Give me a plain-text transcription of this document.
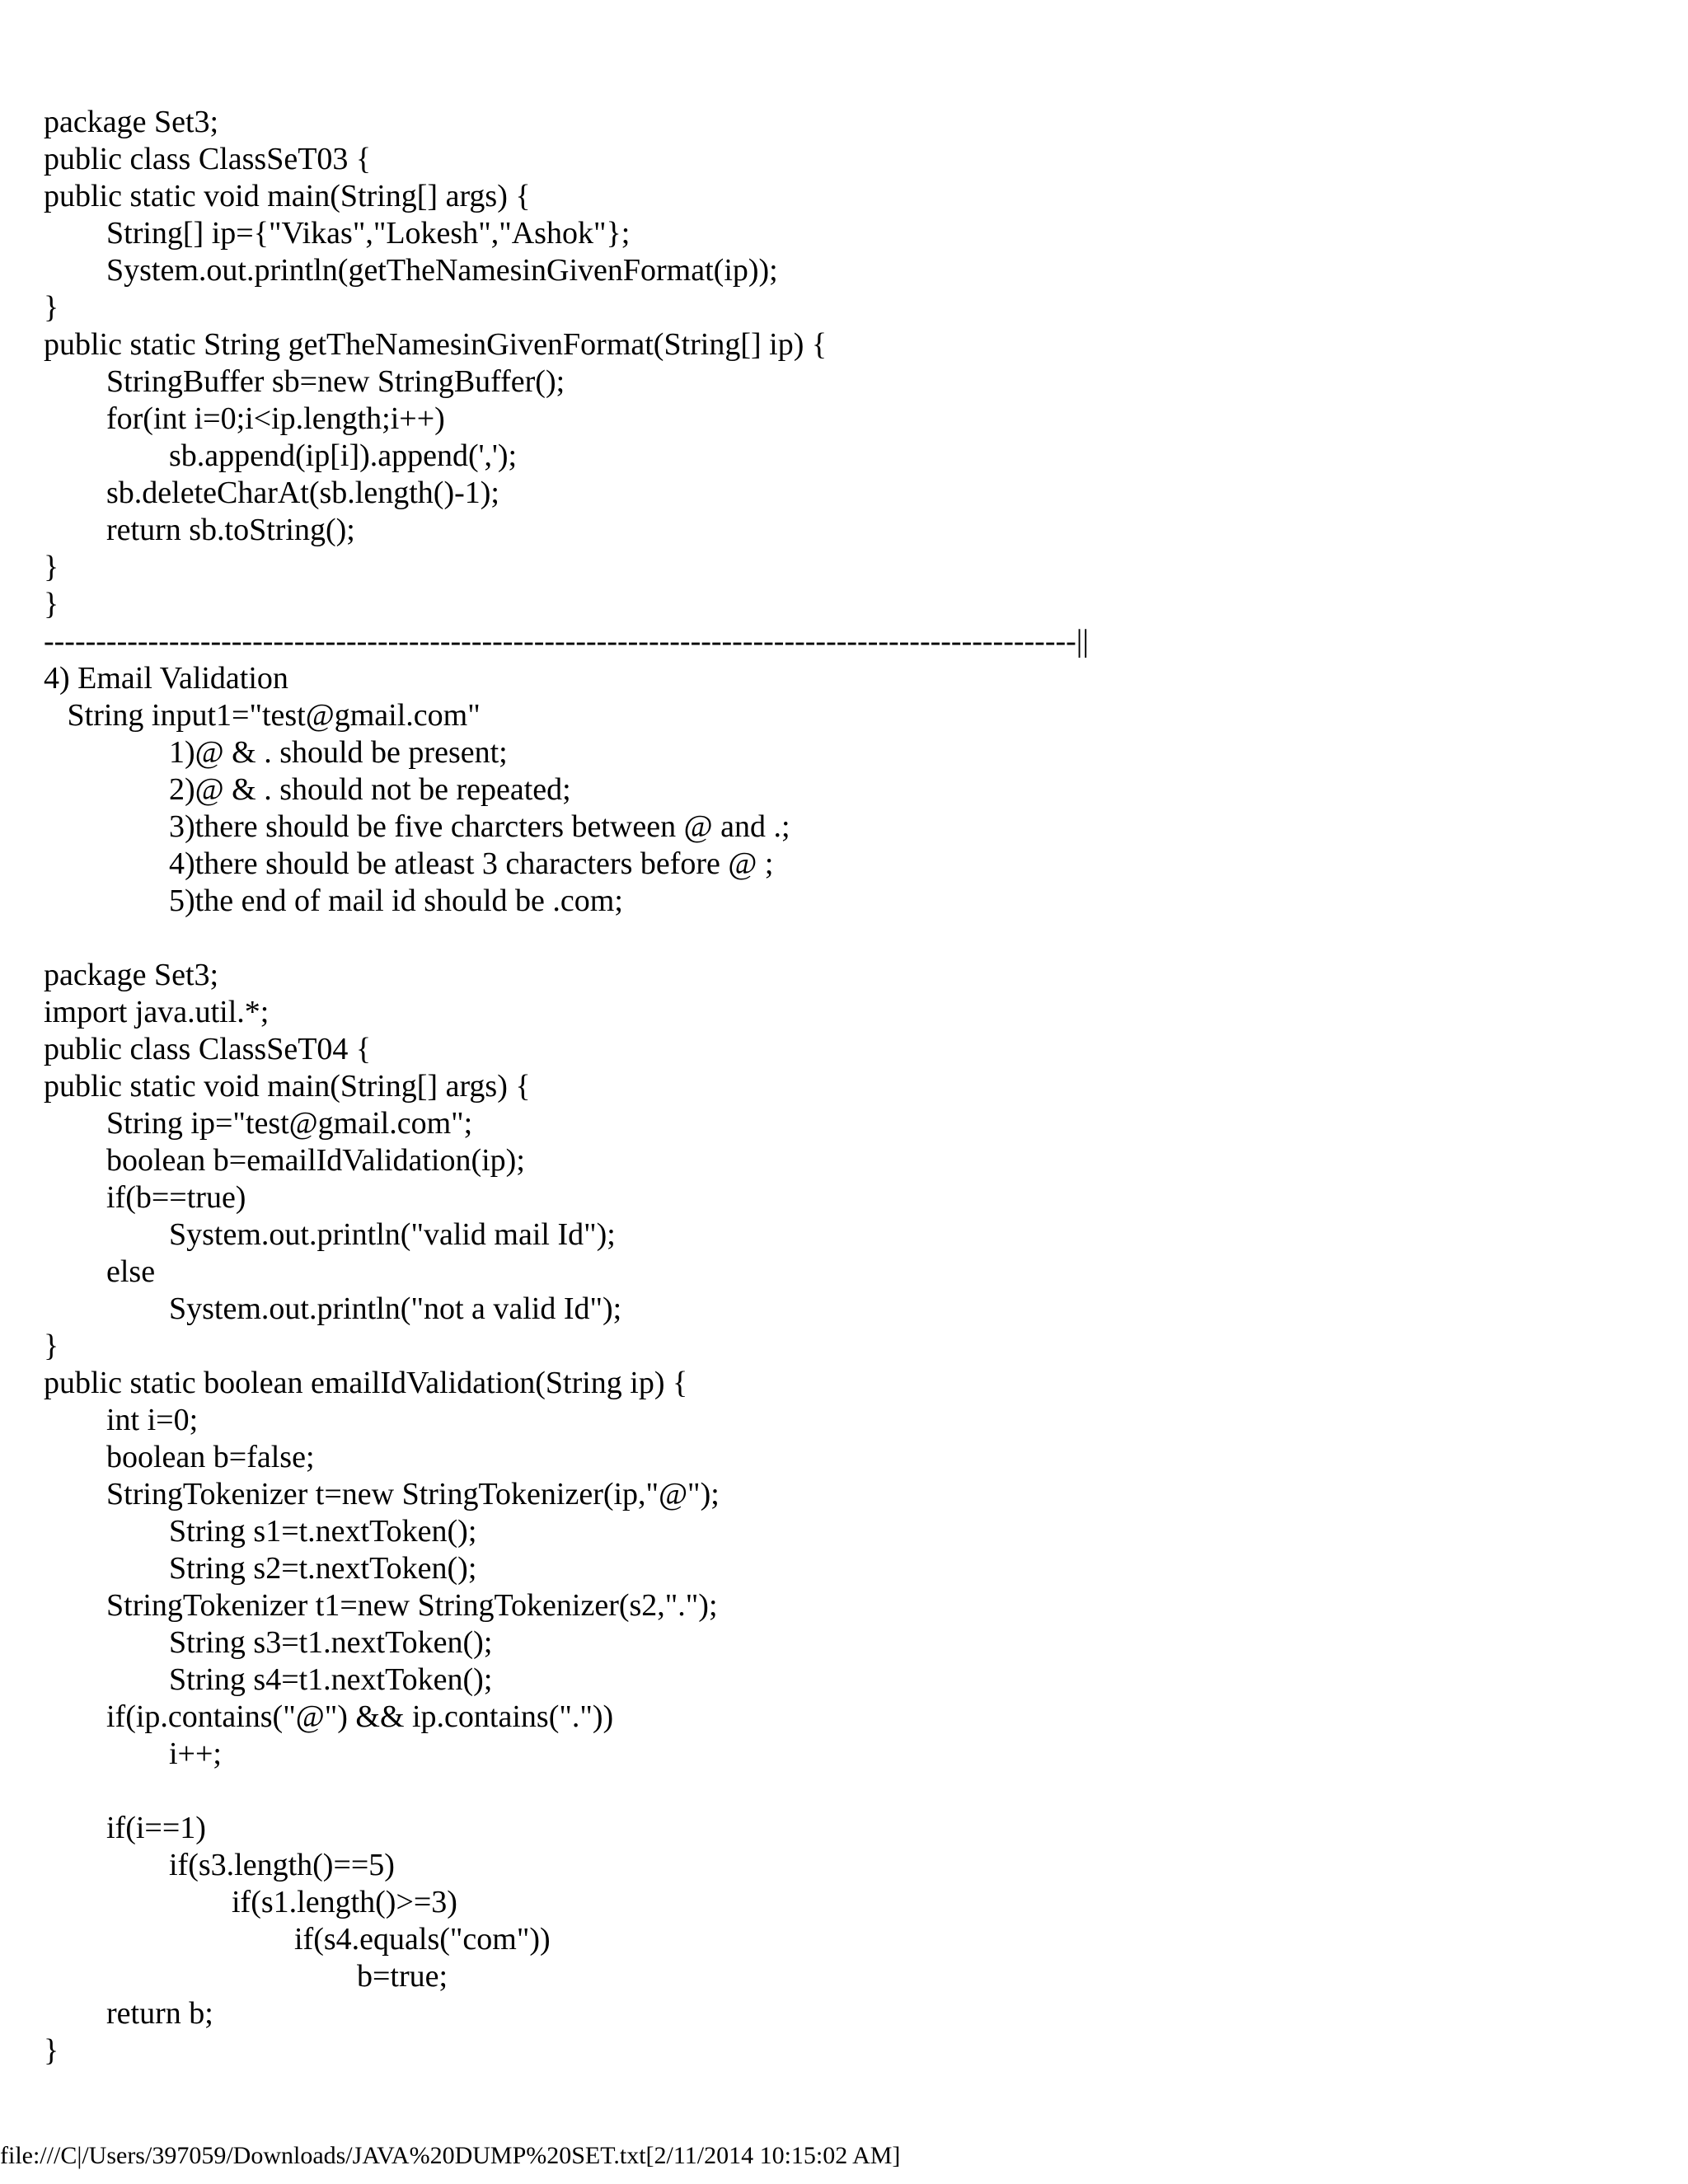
package Set3;
public class ClassSeT03 {
public static void main(String[] args) {
String[] ip={"Vikas","Lokesh","Ashok"};
System.out.println(getTheNamesinGivenFormat(ip));
}
public static String getTheNamesinGivenFormat(String[] ip) {
StringBuffer sb=new StringBuffer();
for(int i=0;i<ip.length;i++)
sb.append(ip[i]).append(',');
sb.deleteCharAt(sb.length()-1);
return sb.toString();
}
}
---------------------------------------------------------------------------------------------------||
4) Email Validation
String input1="test@gmail.com"
1)@ & . should be present;
2)@ & . should not be repeated;
3)there should be five charcters between @ and .;
4)there should be atleast 3 characters before @ ;
5)the end of mail id should be .com;
package Set3;
import java.util.*;
public class ClassSeT04 {
public static void main(String[] args) {
String ip="test@gmail.com";
boolean b=emailIdValidation(ip);
if(b==true)
System.out.println("valid mail Id");
else
System.out.println("not a valid Id");
}
public static boolean emailIdValidation(String ip) {
int i=0;
boolean b=false;
StringTokenizer t=new StringTokenizer(ip,"@");
String s1=t.nextToken();
String s2=t.nextToken();
StringTokenizer t1=new StringTokenizer(s2,".");
String s3=t1.nextToken();
String s4=t1.nextToken();
if(ip.contains("@") && ip.contains("."))
i++;
if(i==1)
if(s3.length()==5)
if(s1.length()>=3)
if(s4.equals("com"))
b=true;
return b;
}
file:///C|/Users/397059/Downloads/JAVA%20DUMP%20SET.txt[2/11/2014 10:15:02 AM]
